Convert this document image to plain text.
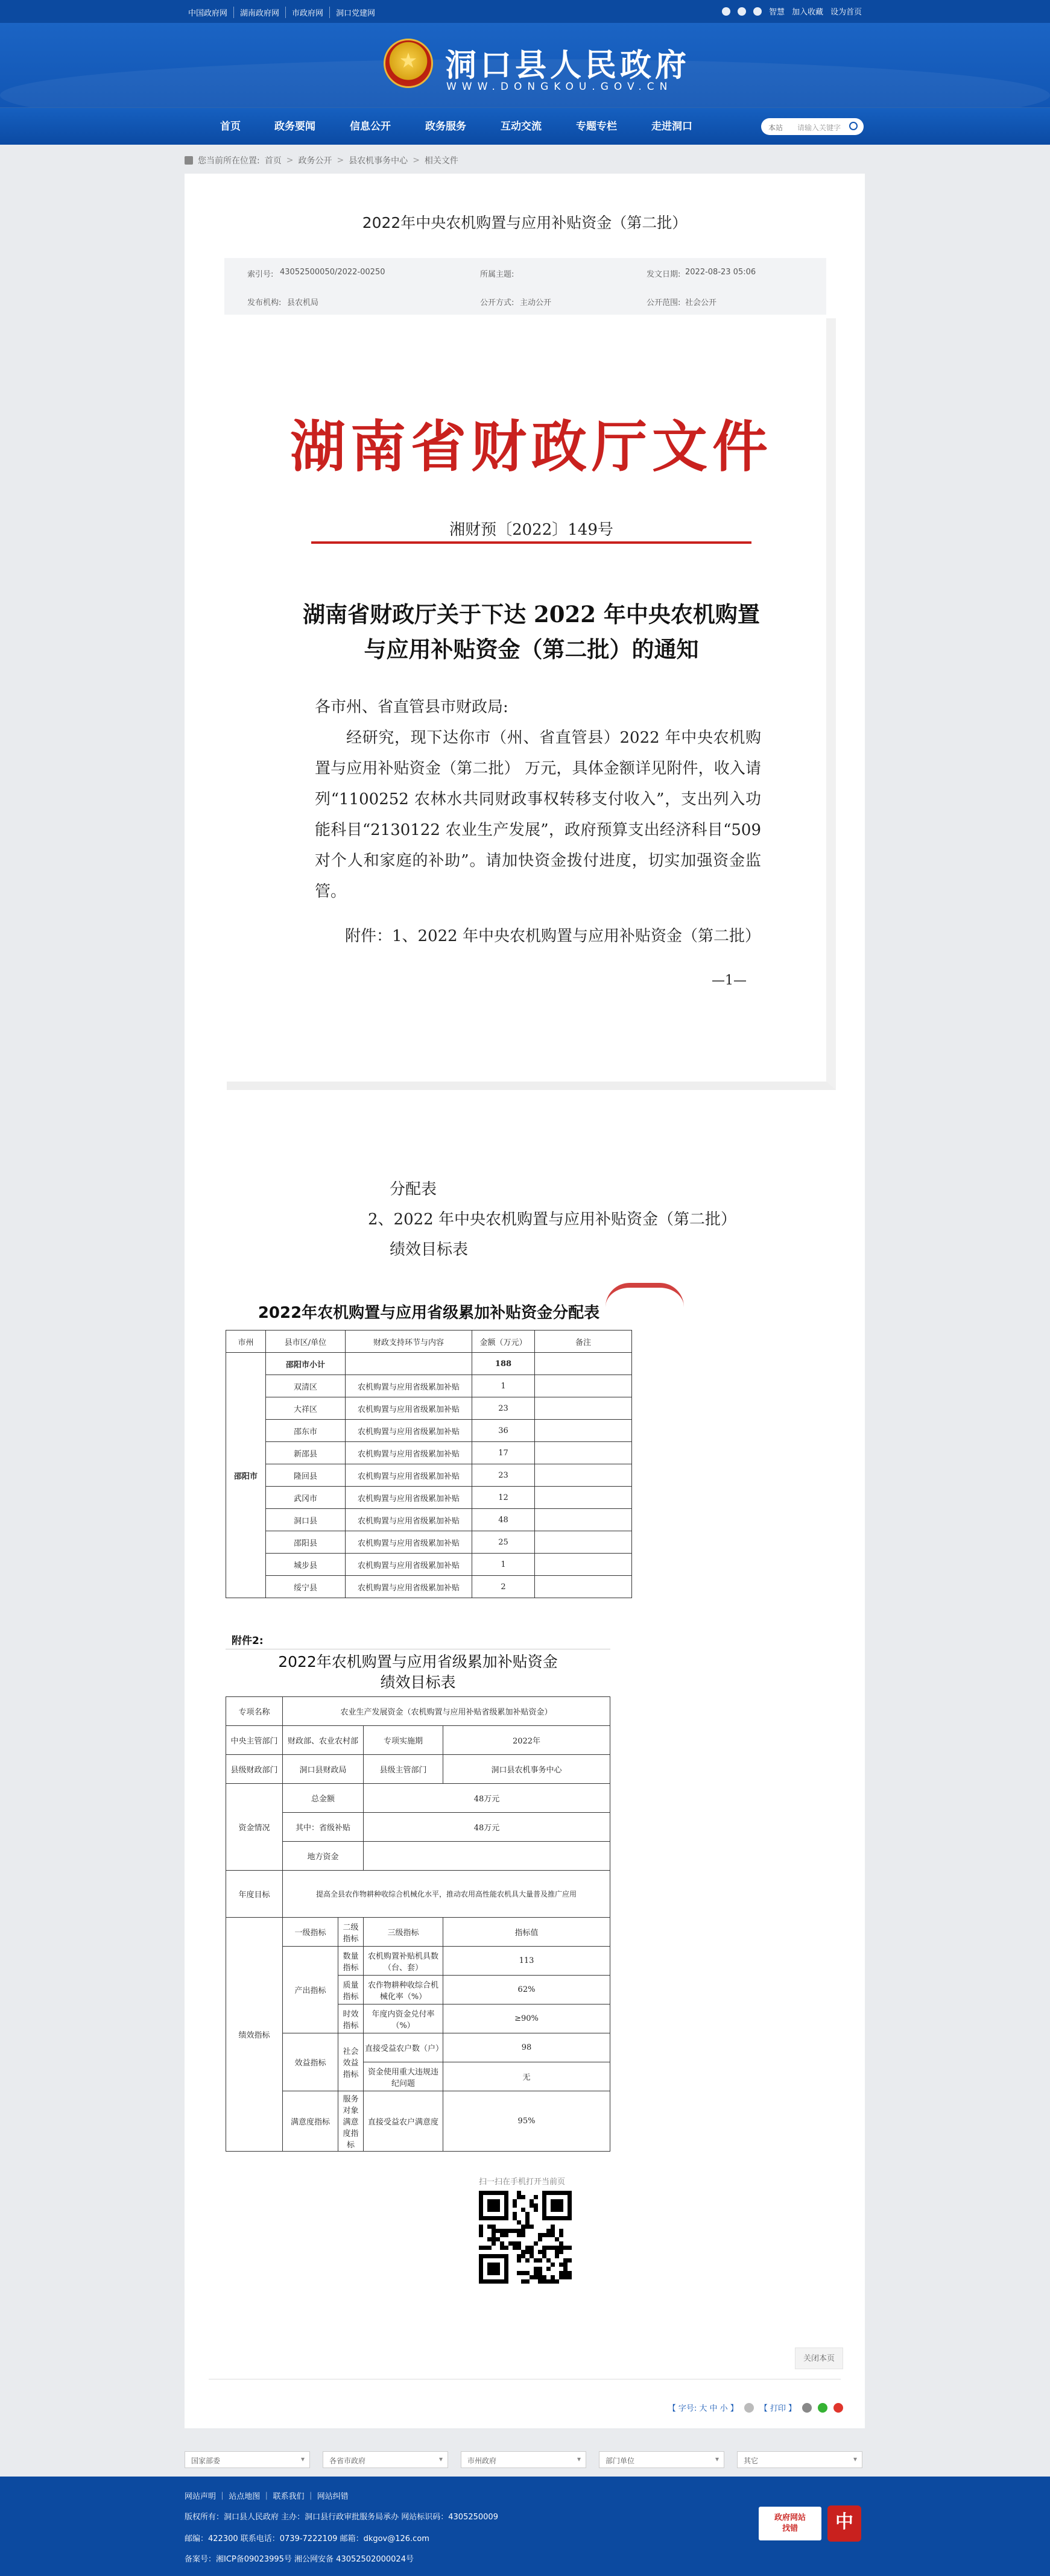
中国政府网	湖南政府网	市政府网	洞口党建网	智慧 加入收藏 设为首页
★
洞口县人民政府
WWW.DONGKOU.GOV.CN
首页	政务要闻	信息公开	政务服务	互动交流	专题专栏	走进洞口	本站 请输入关键字
您当前所在位置: 首页 > 政务公开 > 县农机事务中心 > 相关文件
2022年中央农机购置与应用补贴资金（第二批）
索引号: 43052500050/2022-00250	所属主题:	发文日期: 2022-08-23 05:06
发布机构: 县农机局	公开方式: 主动公开	公开范围: 社会公开
湖南省财政厅文件
湘财预〔2022〕149号
湖南省财政厅关于下达 2022 年中央农机购置
与应用补贴资金（第二批）的通知

各市州、省直管县市财政局:

经研究，现下达你市（州、省直管县）2022 年中央农机购置与应用补贴资金（第二批） 万元，具体金额详见附件，收入请列“1100252 农林水共同财政事权转移支付收入”，支出列入功能科目“2130122 农业生产发展”，政府预算支出经济科目“509 对个人和家庭的补助”。请加快资金拨付进度，切实加强资金监管。

附件：1、2022 年中央农机购置与应用补贴资金（第二批）
—1—
分配表
2、2022 年中央农机购置与应用补贴资金（第二批）
绩效目标表
2022年农机购置与应用省级累加补贴资金分配表
市州	县市区/单位	财政支持环节与内容	金额（万元）	备注
邵阳市	邵阳市小计		188	
	双清区	农机购置与应用省级累加补贴	1	
	大祥区	农机购置与应用省级累加补贴	23	
	邵东市	农机购置与应用省级累加补贴	36	
	新邵县	农机购置与应用省级累加补贴	17	
	隆回县	农机购置与应用省级累加补贴	23	
	武冈市	农机购置与应用省级累加补贴	12	
	洞口县	农机购置与应用省级累加补贴	48	
	邵阳县	农机购置与应用省级累加补贴	25	
	城步县	农机购置与应用省级累加补贴	1	
	绥宁县	农机购置与应用省级累加补贴	2	
附件2:
2022年农机购置与应用省级累加补贴资金
绩效目标表
专项名称	农业生产发展资金（农机购置与应用补贴省级累加补贴资金）			
中央主管部门	财政部、农业农村部		专项实施期	2022年
县级财政部门	洞口县财政局		县级主管部门	洞口县农机事务中心
资金情况	总金额		48万元	
	其中：省级补贴		48万元	
	地方资金			
年度目标	提高全县农作物耕种收综合机械化水平，推动农用高性能农机具大量普及推广应用			
绩效指标	一级指标	二级指标	三级指标	指标值
	产出指标	数量指标	农机购置补贴机具数（台、套）	113
		质量指标	农作物耕种收综合机械化率（%）	62%
		时效指标	年度内资金兑付率（%）	≥90%
	效益指标	社会效益指标	直接受益农户数（户）	98
			资金使用重大违规违纪问题	无
	满意度指标	服务对象满意度指标	直接受益农户满意度	95%
扫一扫在手机打开当前页
关闭本页
【 字号: 大 中 小 】	【 打印 】
国家部委 ▾	各省市政府 ▾	市州政府 ▾	部门单位 ▾	其它 ▾
网站声明 ｜ 站点地图 ｜ 联系我们 ｜ 网站纠错
版权所有：洞口县人民政府 主办：洞口县行政审批服务局承办 网站标识码：4305250009
邮编：422300 联系电话：0739-7222109 邮箱：dkgov@126.com
备案号：湘ICP备09023995号 湘公网安备 43052502000024号
政府网站
找错	中
